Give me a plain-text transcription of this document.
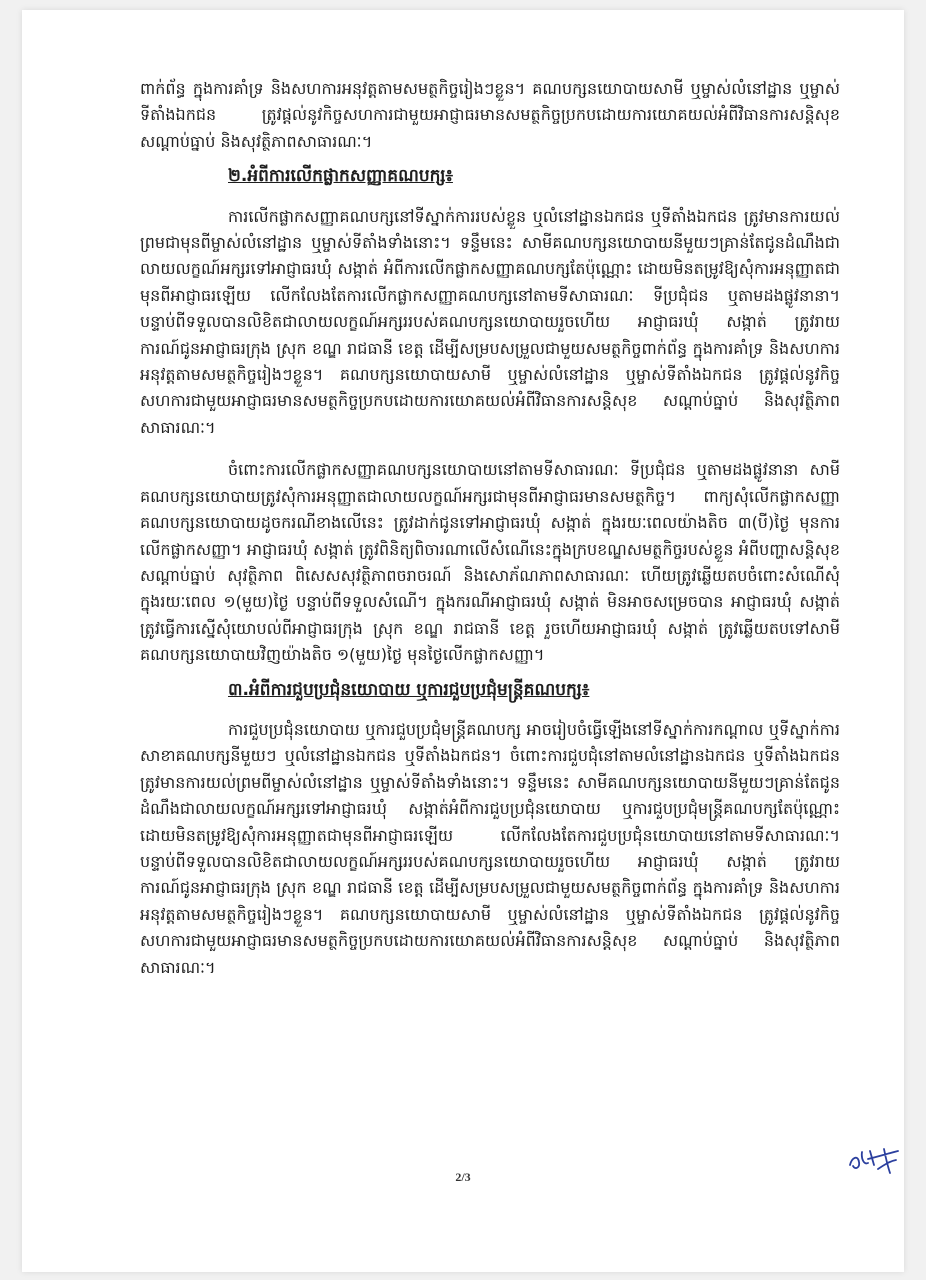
ពាក់ព័ន្ធ ក្នុងការគាំទ្រ និងសហការអនុវត្តតាមសមត្ថកិច្ចរៀងៗខ្លួន។ គណបក្សនយោបាយសាមី ឬម្ចាស់លំនៅដ្ឋាន ឬម្ចាស់ទីតាំងឯកជន ត្រូវផ្តល់នូវកិច្ចសហការជាមួយអាជ្ញាធរមានសមត្ថកិច្ចប្រកបដោយការយោគយល់អំពីវិធានការសន្តិសុខ សណ្តាប់ធ្នាប់ និងសុវត្ថិភាពសាធារណៈ។

២.អំពីការលើកផ្លាកសញ្ញាគណបក្ស៖

ការលើកផ្លាកសញ្ញាគណបក្សនៅទីស្នាក់ការរបស់ខ្លួន ឬលំនៅដ្ឋានឯកជន ឬទីតាំងឯកជន ត្រូវមានការយល់ព្រមជាមុនពីម្ចាស់លំនៅដ្ឋាន ឬម្ចាស់ទីតាំងទាំងនោះ។ ទន្ទឹមនេះ សាមីគណបក្សនយោបាយនីមួយៗគ្រាន់តែជូនដំណឹងជាលាយលក្ខណ៍អក្សរទៅអាជ្ញាធរឃុំ សង្កាត់ អំពីការលើកផ្លាកសញ្ញាគណបក្សតែប៉ុណ្ណោះ ដោយមិនតម្រូវឱ្យសុំការអនុញ្ញាតជាមុនពីអាជ្ញាធរឡើយ លើកលែងតែការលើកផ្លាកសញ្ញាគណបក្សនៅតាមទីសាធារណៈ ទីប្រជុំជន ឬតាមដងផ្លូវនានា។ បន្ទាប់ពីទទួលបានលិខិតជាលាយលក្ខណ៍អក្សររបស់គណបក្សនយោបាយរួចហើយ អាជ្ញាធរឃុំ សង្កាត់ ត្រូវរាយការណ៍ជូនអាជ្ញាធរក្រុង ស្រុក ខណ្ឌ រាជធានី ខេត្ត ដើម្បីសម្របសម្រួលជាមួយសមត្ថកិច្ចពាក់ព័ន្ធ ក្នុងការគាំទ្រ និងសហការអនុវត្តតាមសមត្ថកិច្ចរៀងៗខ្លួន។ គណបក្សនយោបាយសាមី ឬម្ចាស់លំនៅដ្ឋាន ឬម្ចាស់ទីតាំងឯកជន ត្រូវផ្តល់នូវកិច្ចសហការជាមួយអាជ្ញាធរមានសមត្ថកិច្ចប្រកបដោយការយោគយល់អំពីវិធានការសន្តិសុខ សណ្តាប់ធ្នាប់ និងសុវត្ថិភាពសាធារណៈ។

ចំពោះការលើកផ្លាកសញ្ញាគណបក្សនយោបាយនៅតាមទីសាធារណៈ ទីប្រជុំជន ឬតាមដងផ្លូវនានា សាមីគណបក្សនយោបាយត្រូវសុំការអនុញ្ញាតជាលាយលក្ខណ៍អក្សរជាមុនពីអាជ្ញាធរមានសមត្ថកិច្ច។ ពាក្យសុំលើកផ្លាកសញ្ញាគណបក្សនយោបាយដូចករណីខាងលើនេះ ត្រូវដាក់ជូនទៅអាជ្ញាធរឃុំ សង្កាត់ ក្នុងរយៈពេលយ៉ាងតិច ៣(បី)ថ្ងៃ មុនការលើកផ្លាកសញ្ញា។ អាជ្ញាធរឃុំ សង្កាត់ ត្រូវពិនិត្យពិចារណាលើសំណើនេះក្នុងក្របខណ្ឌសមត្ថកិច្ចរបស់ខ្លួន អំពីបញ្ហាសន្តិសុខ សណ្តាប់ធ្នាប់ សុវត្ថិភាព ពិសេសសុវត្ថិភាពចរាចរណ៍ និងសោភ័ណភាពសាធារណៈ ហើយត្រូវឆ្លើយតបចំពោះសំណើសុំក្នុងរយៈពេល ១(មួយ)ថ្ងៃ បន្ទាប់ពីទទួលសំណើ។ ក្នុងករណីអាជ្ញាធរឃុំ សង្កាត់ មិនអាចសម្រេចបាន អាជ្ញាធរឃុំ សង្កាត់ ត្រូវធ្វើការស្នើសុំយោបល់ពីអាជ្ញាធរក្រុង ស្រុក ខណ្ឌ រាជធានី ខេត្ត រួចហើយអាជ្ញាធរឃុំ សង្កាត់ ត្រូវឆ្លើយតបទៅសាមីគណបក្សនយោបាយវិញយ៉ាងតិច ១(មួយ)ថ្ងៃ មុនថ្ងៃលើកផ្លាកសញ្ញា។

៣.អំពីការជួបប្រជុំនយោបាយ ឬការជួបប្រជុំមន្ត្រីគណបក្ស៖

ការជួបប្រជុំនយោបាយ ឬការជួបប្រជុំមន្ត្រីគណបក្ស អាចរៀបចំធ្វើឡើងនៅទីស្នាក់ការកណ្តាល ឬទីស្នាក់ការសាខាគណបក្សនីមួយៗ ឬលំនៅដ្ឋានឯកជន ឬទីតាំងឯកជន។ ចំពោះការជួបជុំនៅតាមលំនៅដ្ឋានឯកជន ឬទីតាំងឯកជន ត្រូវមានការយល់ព្រមពីម្ចាស់លំនៅដ្ឋាន ឬម្ចាស់ទីតាំងទាំងនោះ។ ទន្ទឹមនេះ សាមីគណបក្សនយោបាយនីមួយៗគ្រាន់តែជូនដំណឹងជាលាយលក្ខណ៍អក្សរទៅអាជ្ញាធរឃុំ សង្កាត់អំពីការជួបប្រជុំនយោបាយ ឬការជួបប្រជុំមន្ត្រីគណបក្សតែប៉ុណ្ណោះ ដោយមិនតម្រូវឱ្យសុំការអនុញ្ញាតជាមុនពីអាជ្ញាធរឡើយ លើកលែងតែការជួបប្រជុំនយោបាយនៅតាមទីសាធារណៈ។ បន្ទាប់ពីទទួលបានលិខិតជាលាយលក្ខណ៍អក្សររបស់គណបក្សនយោបាយរួចហើយ អាជ្ញាធរឃុំ សង្កាត់ ត្រូវរាយការណ៍ជូនអាជ្ញាធរក្រុង ស្រុក ខណ្ឌ រាជធានី ខេត្ត ដើម្បីសម្របសម្រួលជាមួយសមត្ថកិច្ចពាក់ព័ន្ធ ក្នុងការគាំទ្រ និងសហការអនុវត្តតាមសមត្ថកិច្ចរៀងៗខ្លួន។ គណបក្សនយោបាយសាមី ឬម្ចាស់លំនៅដ្ឋាន ឬម្ចាស់ទីតាំងឯកជន ត្រូវផ្តល់នូវកិច្ចសហការជាមួយអាជ្ញាធរមានសមត្ថកិច្ចប្រកបដោយការយោគយល់អំពីវិធានការសន្តិសុខ សណ្តាប់ធ្នាប់ និងសុវត្ថិភាពសាធារណៈ។

2/3
